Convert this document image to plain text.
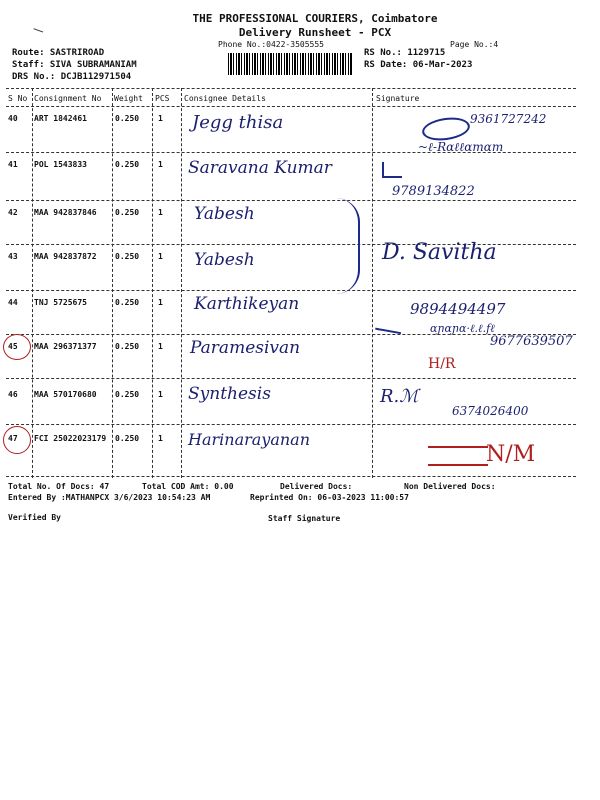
THE PROFESSIONAL COURIERS, Coimbatore
Delivery Runsheet - PCX
Phone No.:0422-3505555	Page No.:4
Route: SASTRIROAD
Staff: SIVA SUBRAMANIAM
DRS No.: DCJB112971504
RS No.: 1129715
RS Date: 06-Mar-2023
S No Consignment No Weight PCS Consignee Details	Signature
40 ART 1842461	0.250 1 Jegg thisa	9361727242
~ℓ-Rɑℓℓɑmɑm
41 POL 1543833	0.250 1 Saravana Kumar
9789134822
42 MAA 942837846 0.250 1 Yabesh
43 MAA 942837872 0.250 1 Yabesh	D. Savitha
44 TNJ 5725675	0.250 1 Karthikeyan	9894494497
45 MAA 296371377 0.250 1 Paramesivan
ɑɲɑɲɑ·ℓ.ℓ.fℓ
9677639507
H/R
46 MAA 570170680 0.250 1 Synthesis	R.ℳ
6374026400
47 FCI 25022023179 0.250 1 Harinarayanan
N/M
Total No. Of Docs: 47	Total COD Amt: 0.00	Delivered Docs:	Non Delivered Docs:
Entered By :MATHANPCX 3/6/2023 10:54:23 AM	Reprinted On: 06-03-2023 11:00:57
Verified By	Staff Signature
